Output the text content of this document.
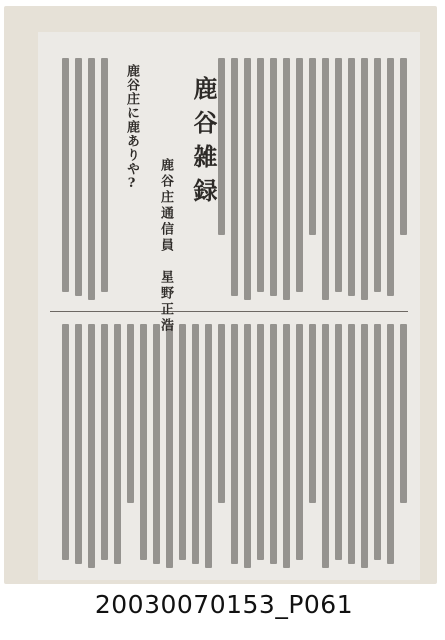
鹿谷雑録
鹿谷庄に鹿ありや?
鹿谷庄通信員　星野正浩
20030070153_P061
